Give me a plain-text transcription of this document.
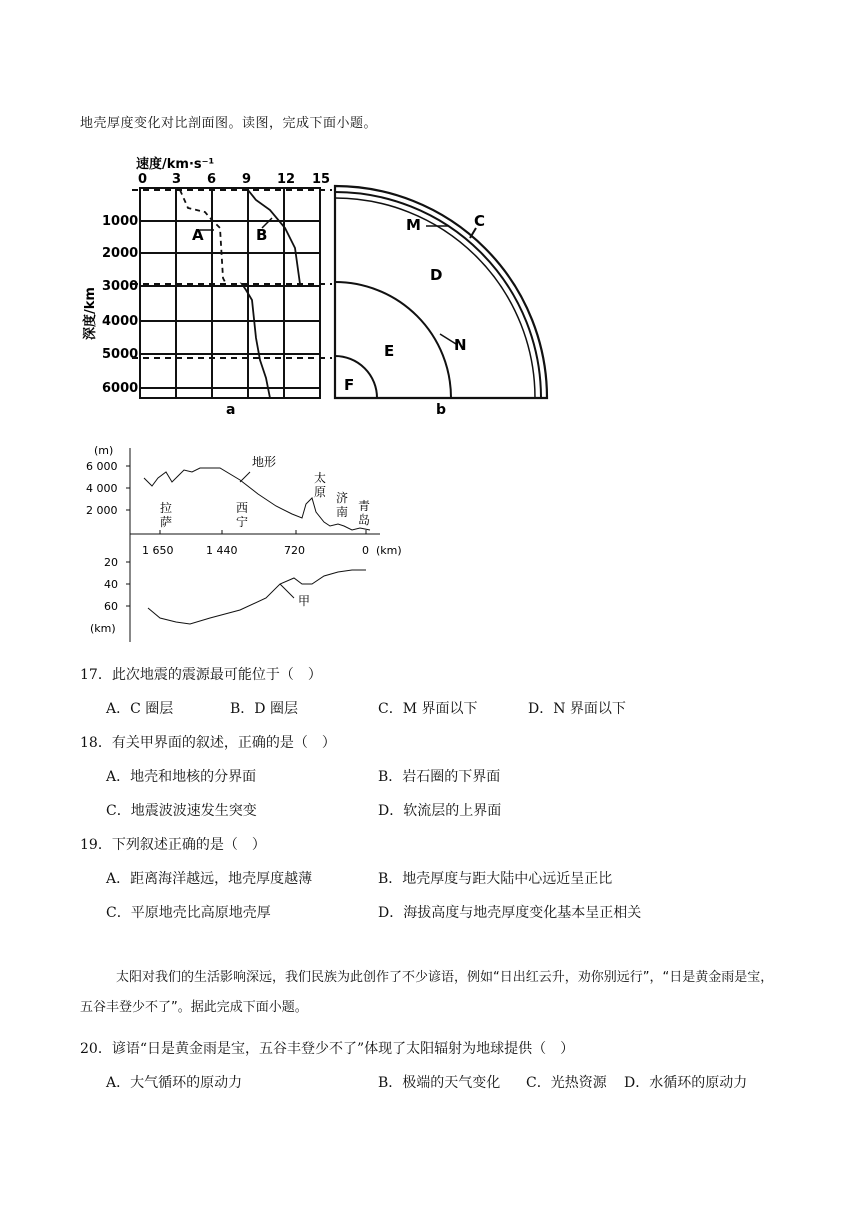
地壳厚度变化对比剖面图。读图，完成下面小题。
速度/km·s⁻¹
0 3 6 9 12 15
1000
2000
3000
4000
5000
6000
深度/km
A	B
a
M	C
D
N
E
F
b
(m)
6 000
4 000
2 000
1 650	1 440	720	0 (km)
20
40
60
(km)
地形
甲
拉萨
西宁
太原 济南 青岛
17．此次地震的震源最可能位于（　）
A．C 圈层	B．D 圈层	C．M 界面以下	D．N 界面以下
18．有关甲界面的叙述，正确的是（　）
A．地壳和地核的分界面	B．岩石圈的下界面
C．地震波波速发生突变	D．软流层的上界面
19．下列叙述正确的是（　）
A．距离海洋越远，地壳厚度越薄	B．地壳厚度与距大陆中心远近呈正比
C．平原地壳比高原地壳厚	D．海拔高度与地壳厚度变化基本呈正相关
太阳对我们的生活影响深远，我们民族为此创作了不少谚语，例如“日出红云升，劝你别远行”，“日是黄金雨是宝，五谷丰登少不了”。据此完成下面小题。
20．谚语“日是黄金雨是宝，五谷丰登少不了”体现了太阳辐射为地球提供（　）
A．大气循环的原动力	B．极端的天气变化 C．光热资源 D．水循环的原动力
